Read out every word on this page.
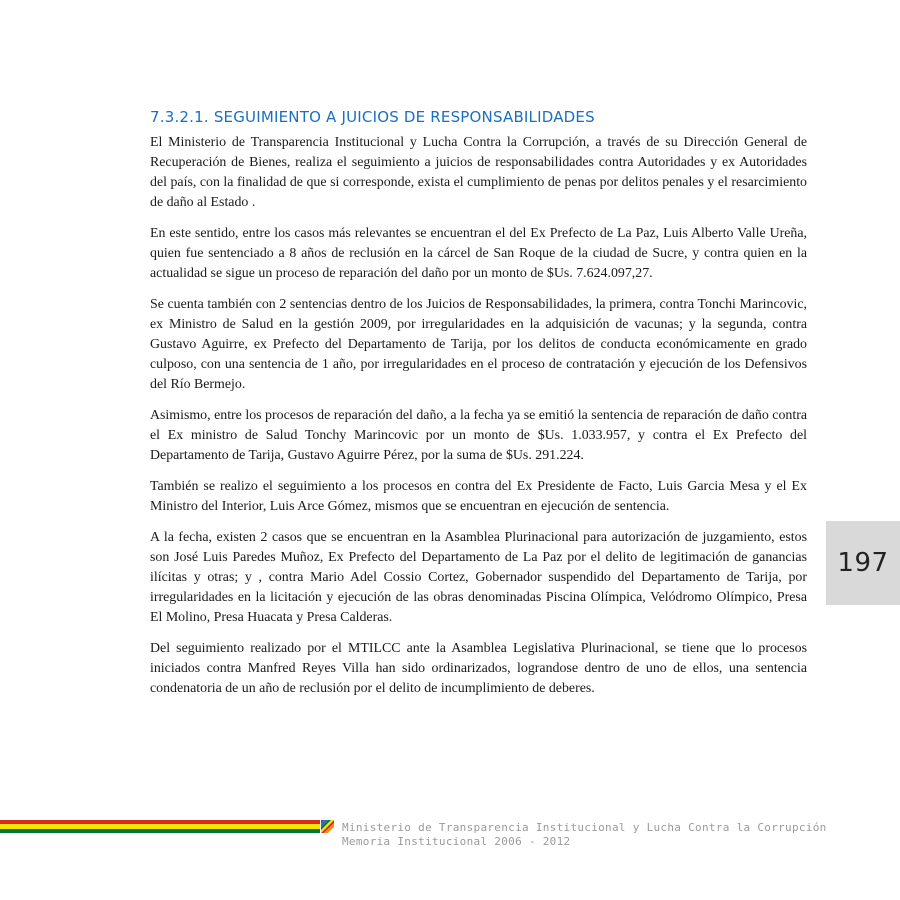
7.3.2.1. SEGUIMIENTO A JUICIOS DE RESPONSABILIDADES

El Ministerio de Transparencia Institucional y Lucha Contra la Corrupción, a través de su Dirección General de Recuperación de Bienes, realiza el seguimiento a juicios de responsabilidades contra Autoridades y ex Autoridades del país, con la finalidad de que si corresponde, exista el cumplimiento de penas por delitos penales y el resarcimiento de daño al Estado .

En este sentido, entre los casos más relevantes se encuentran el del Ex Prefecto de La Paz, Luis Alberto Valle Ureña, quien fue sentenciado a 8 años de reclusión en la cárcel de San Roque de la ciudad de Sucre, y contra quien en la actualidad se sigue un proceso de reparación del daño por un monto de $Us. 7.624.097,27.

Se cuenta también con 2 sentencias dentro de los Juicios de Responsabilidades, la primera, contra Tonchi Marincovic, ex Ministro de Salud en la gestión 2009, por irregularidades en la adquisición de vacunas; y la segunda, contra Gustavo Aguirre, ex Prefecto del Departamento de Tarija, por los delitos de conducta económicamente en grado culposo, con una sentencia de 1 año, por irregularidades en el proceso de contratación y ejecución de los Defensivos del Río Bermejo.

Asimismo, entre los procesos de reparación del daño, a la fecha ya se emitió la sentencia de reparación de daño contra el Ex ministro de Salud Tonchy Marincovic por un monto de $Us. 1.033.957, y contra el Ex Prefecto del Departamento de Tarija, Gustavo Aguirre Pérez, por la suma de $Us. 291.224.

También se realizo el seguimiento a los procesos en contra del Ex Presidente de Facto, Luis Garcia Mesa y el Ex Ministro del Interior, Luis Arce Gómez, mismos que se encuentran en ejecución de sentencia.

A la fecha, existen 2 casos que se encuentran en la Asamblea Plurinacional para autorización de juzgamiento, estos son José Luis Paredes Muñoz, Ex Prefecto del Departamento de La Paz por el delito de legitimación de ganancias ilícitas y otras; y , contra Mario Adel Cossio Cortez, Gobernador suspendido del Departamento de Tarija, por irregularidades en la licitación y ejecución de las obras denominadas Piscina Olímpica, Velódromo Olímpico, Presa El Molino, Presa Huacata y Presa Calderas.

Del seguimiento realizado por el MTILCC ante la Asamblea Legislativa Plurinacional, se tiene que lo procesos iniciados contra Manfred Reyes Villa han sido ordinarizados, lograndose dentro de uno de ellos, una sentencia condenatoria de un año de reclusión por el delito de incumplimiento de deberes.

197
Ministerio de Transparencia Institucional y Lucha Contra la Corrupción
Memoria Institucional 2006 - 2012
